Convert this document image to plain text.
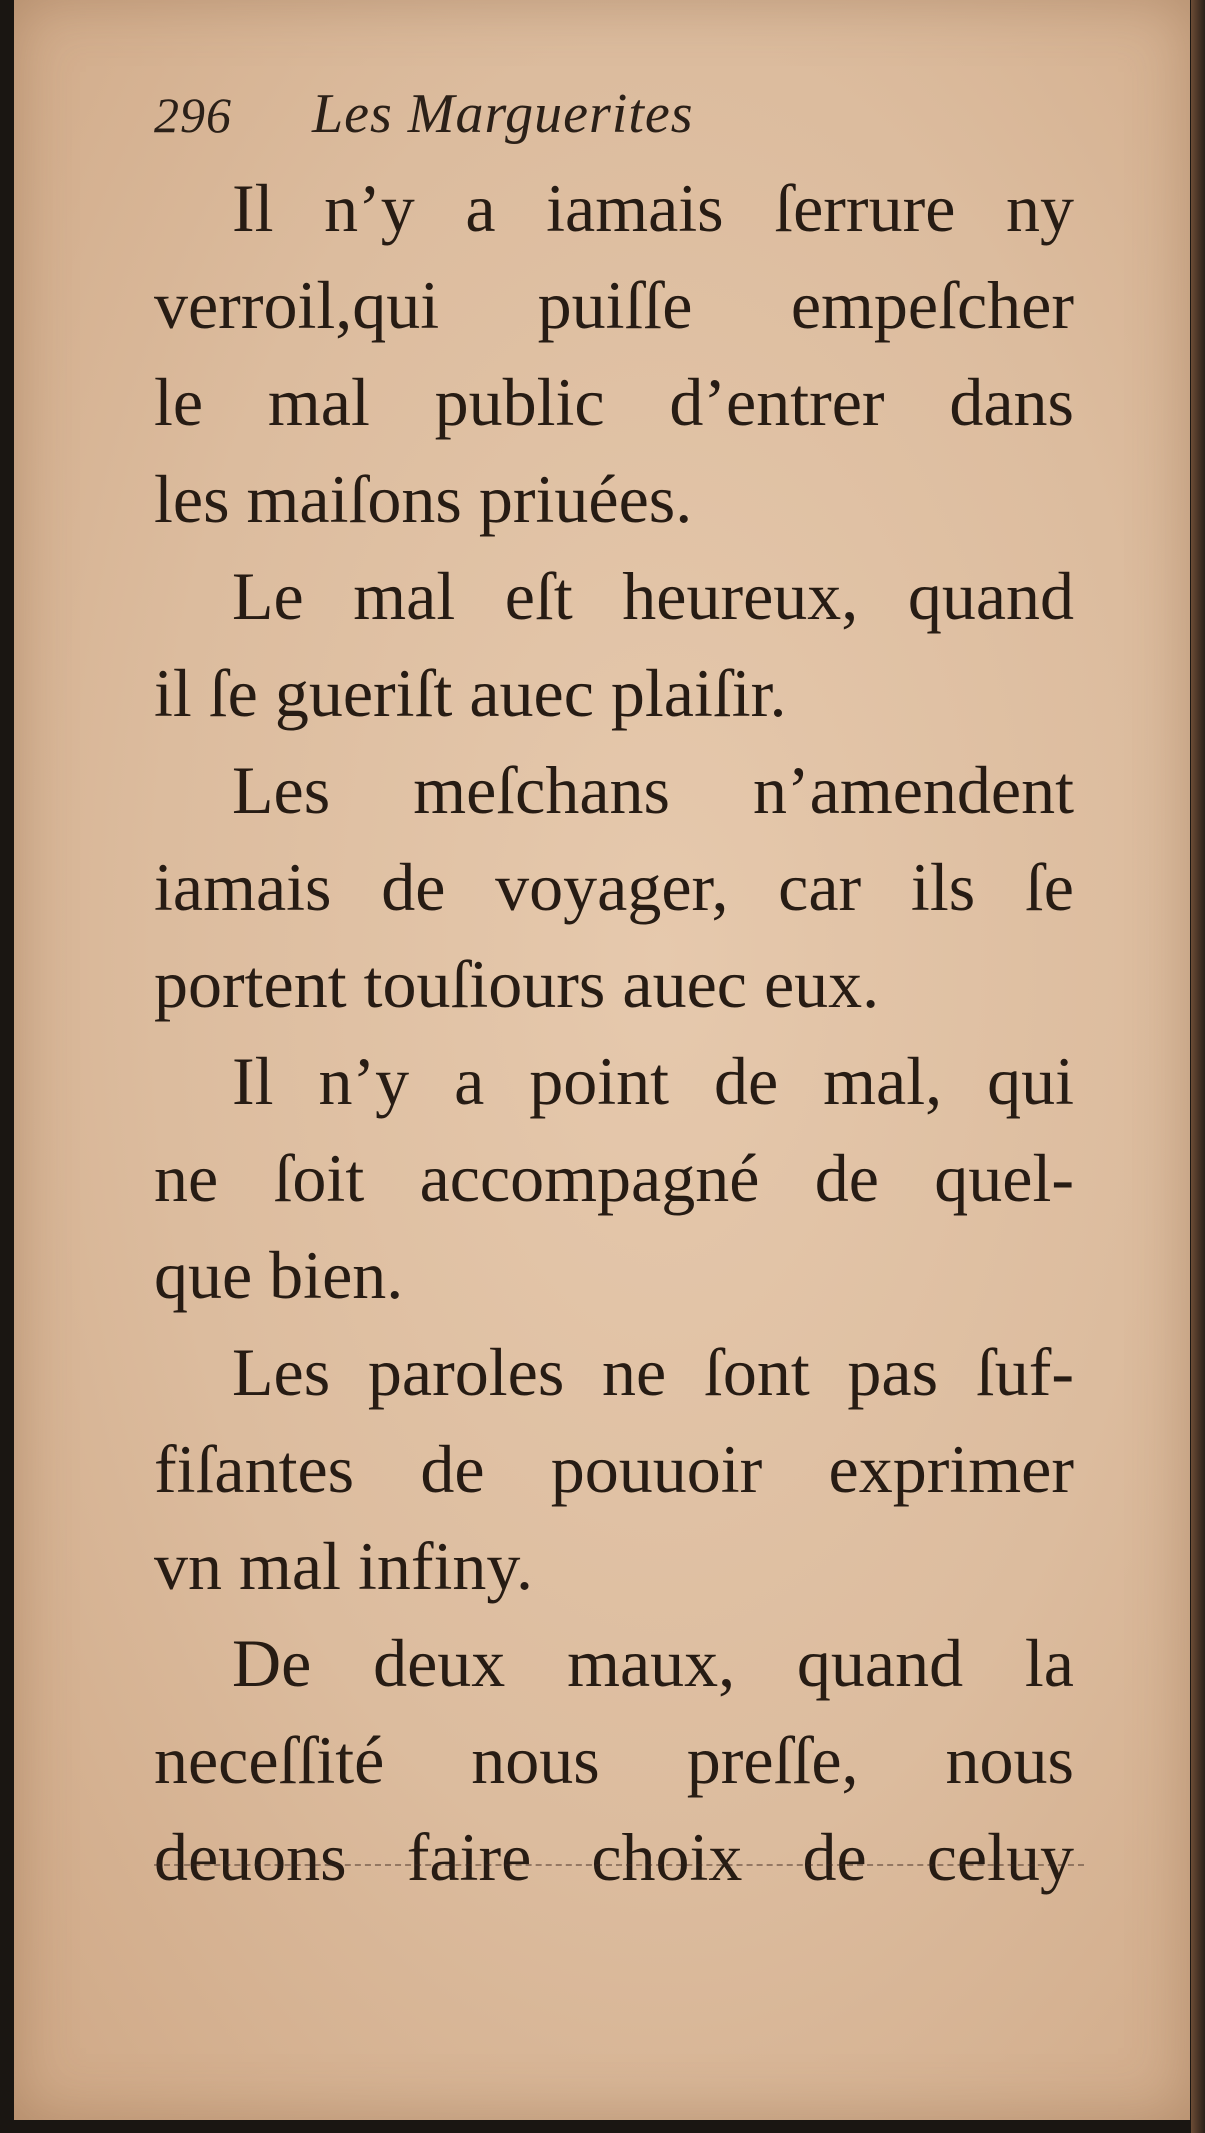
296 Les Marguerites

Il n’y a iamais ſerrure ny
verroil,qui puiſſe empeſcher
le mal public d’entrer dans
les maiſons priuées.

Le mal eſt heureux, quand
il ſe gueriſt auec plaiſir.

Les meſchans n’amendent
iamais de voyager, car ils ſe
portent touſiours auec eux.

Il n’y a point de mal, qui
ne ſoit accompagné de quel-
que bien.

Les paroles ne ſont pas ſuf-
fiſantes de pouuoir exprimer
vn mal infiny.

De deux maux, quand la
neceſſité nous preſſe, nous
deuons faire choix de celuy
